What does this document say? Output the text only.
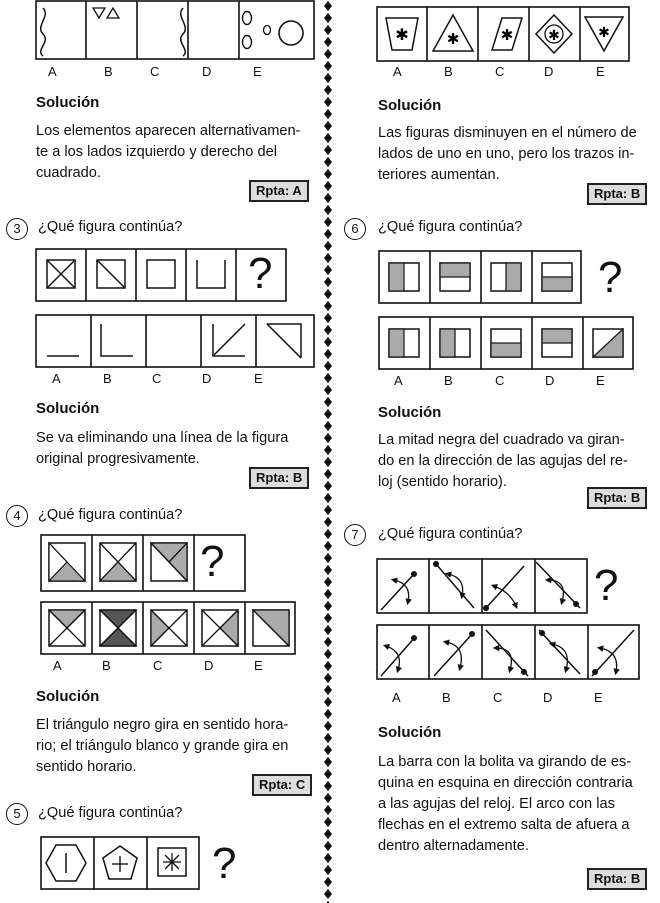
A	B	C	D	E
Solución
Los elementos aparecen alternativamen-
te a los lados izquierdo y derecho del
cuadrado.
Rpta: A
3	¿Qué figura continúa?
?
A	B	C	D	E
Solución
Se va eliminando una línea de la figura
original progresivamente.
Rpta: B
4	¿Qué figura continúa?
?
A	B	C	D	E
Solución
El triángulo negro gira en sentido hora-
rio; el triángulo blanco y grande gira en
sentido horario.
Rpta: C
5	¿Qué figura continúa?
?
✱	✱	✱ ✱	✱
A	B	C	D	E
Solución
Las figuras disminuyen en el número de
lados de uno en uno, pero los trazos in-
teriores aumentan.
Rpta: B
6	¿Qué figura continúa?
?
A	B	C	D	E
Solución
La mitad negra del cuadrado va giran-
do en la dirección de las agujas del re-
loj (sentido horario).
Rpta: B
7	¿Qué figura continúa?
?
A	B	C	D	E
Solución
La barra con la bolita va girando de es-
quina en esquina en dirección contraria
a las agujas del reloj. El arco con las
flechas en el extremo salta de afuera a
dentro alternadamente.
Rpta: B
